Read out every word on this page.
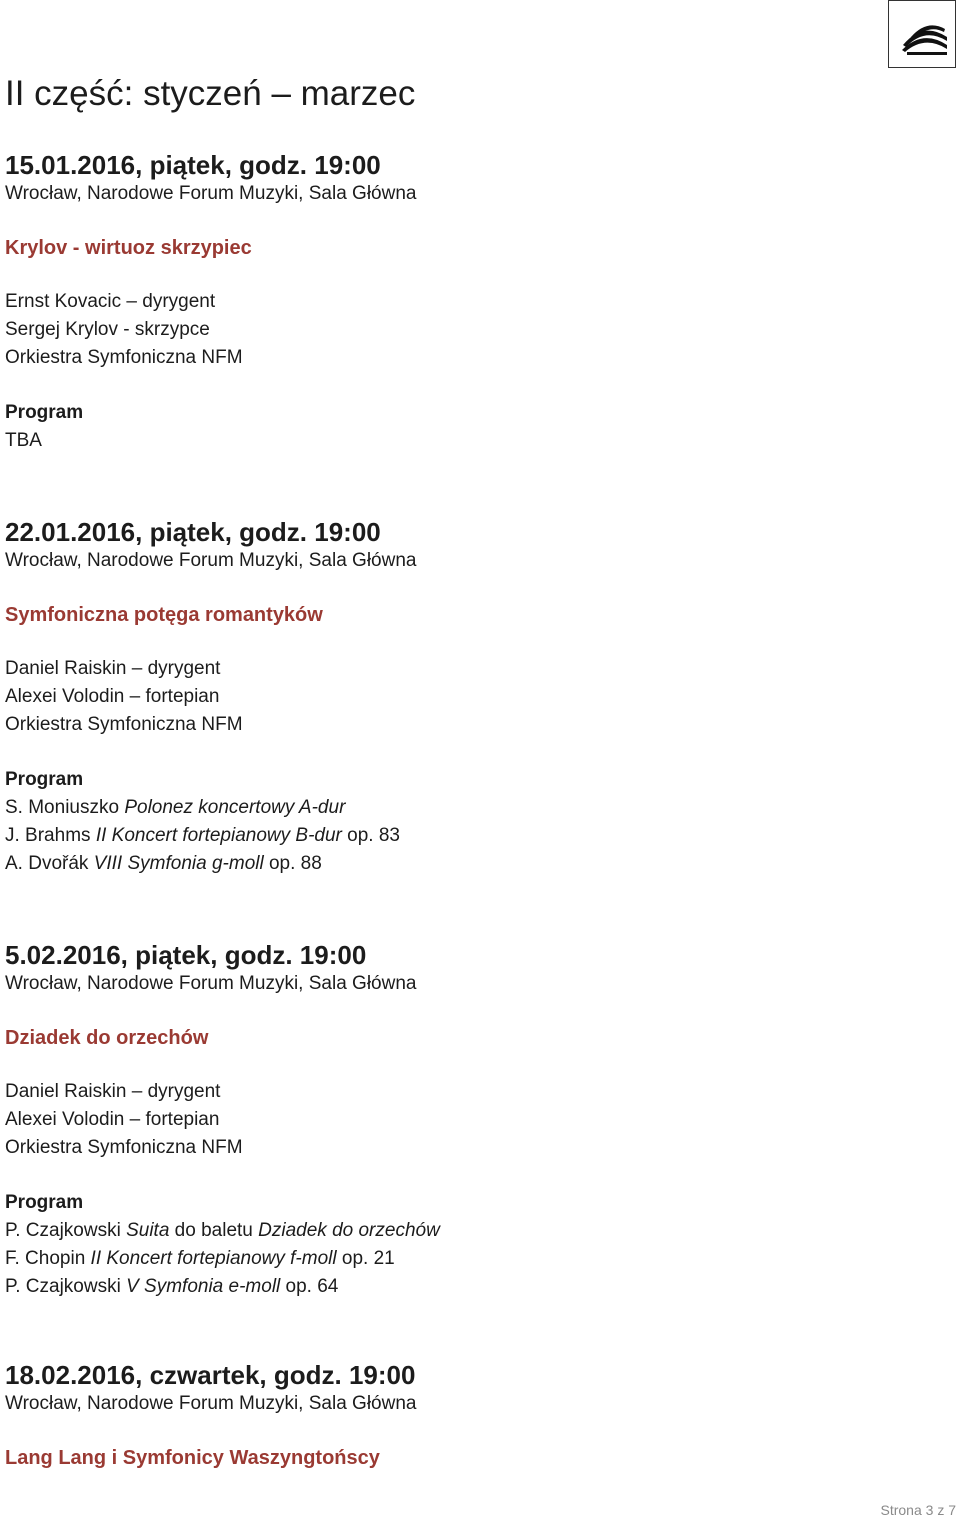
II część: styczeń – marzec
15.01.2016, piątek, godz. 19:00
Wrocław, Narodowe Forum Muzyki, Sala Główna
Krylov - wirtuoz skrzypiec
Ernst Kovacic – dyrygent
Sergej Krylov - skrzypce
Orkiestra Symfoniczna NFM
Program
TBA
22.01.2016, piątek, godz. 19:00
Wrocław, Narodowe Forum Muzyki, Sala Główna
Symfoniczna potęga romantyków
Daniel Raiskin – dyrygent
Alexei Volodin – fortepian
Orkiestra Symfoniczna NFM
Program
S. Moniuszko Polonez koncertowy A-dur
J. Brahms II Koncert fortepianowy B-dur op. 83
A. Dvořák VIII Symfonia g-moll op. 88
5.02.2016, piątek, godz. 19:00
Wrocław, Narodowe Forum Muzyki, Sala Główna
Dziadek do orzechów
Daniel Raiskin – dyrygent
Alexei Volodin – fortepian
Orkiestra Symfoniczna NFM
Program
P. Czajkowski Suita do baletu Dziadek do orzechów
F. Chopin II Koncert fortepianowy f-moll op. 21
P. Czajkowski V Symfonia e-moll op. 64
18.02.2016, czwartek, godz. 19:00
Wrocław, Narodowe Forum Muzyki, Sala Główna
Lang Lang i Symfonicy Waszyngtońscy
Strona 3 z 7
